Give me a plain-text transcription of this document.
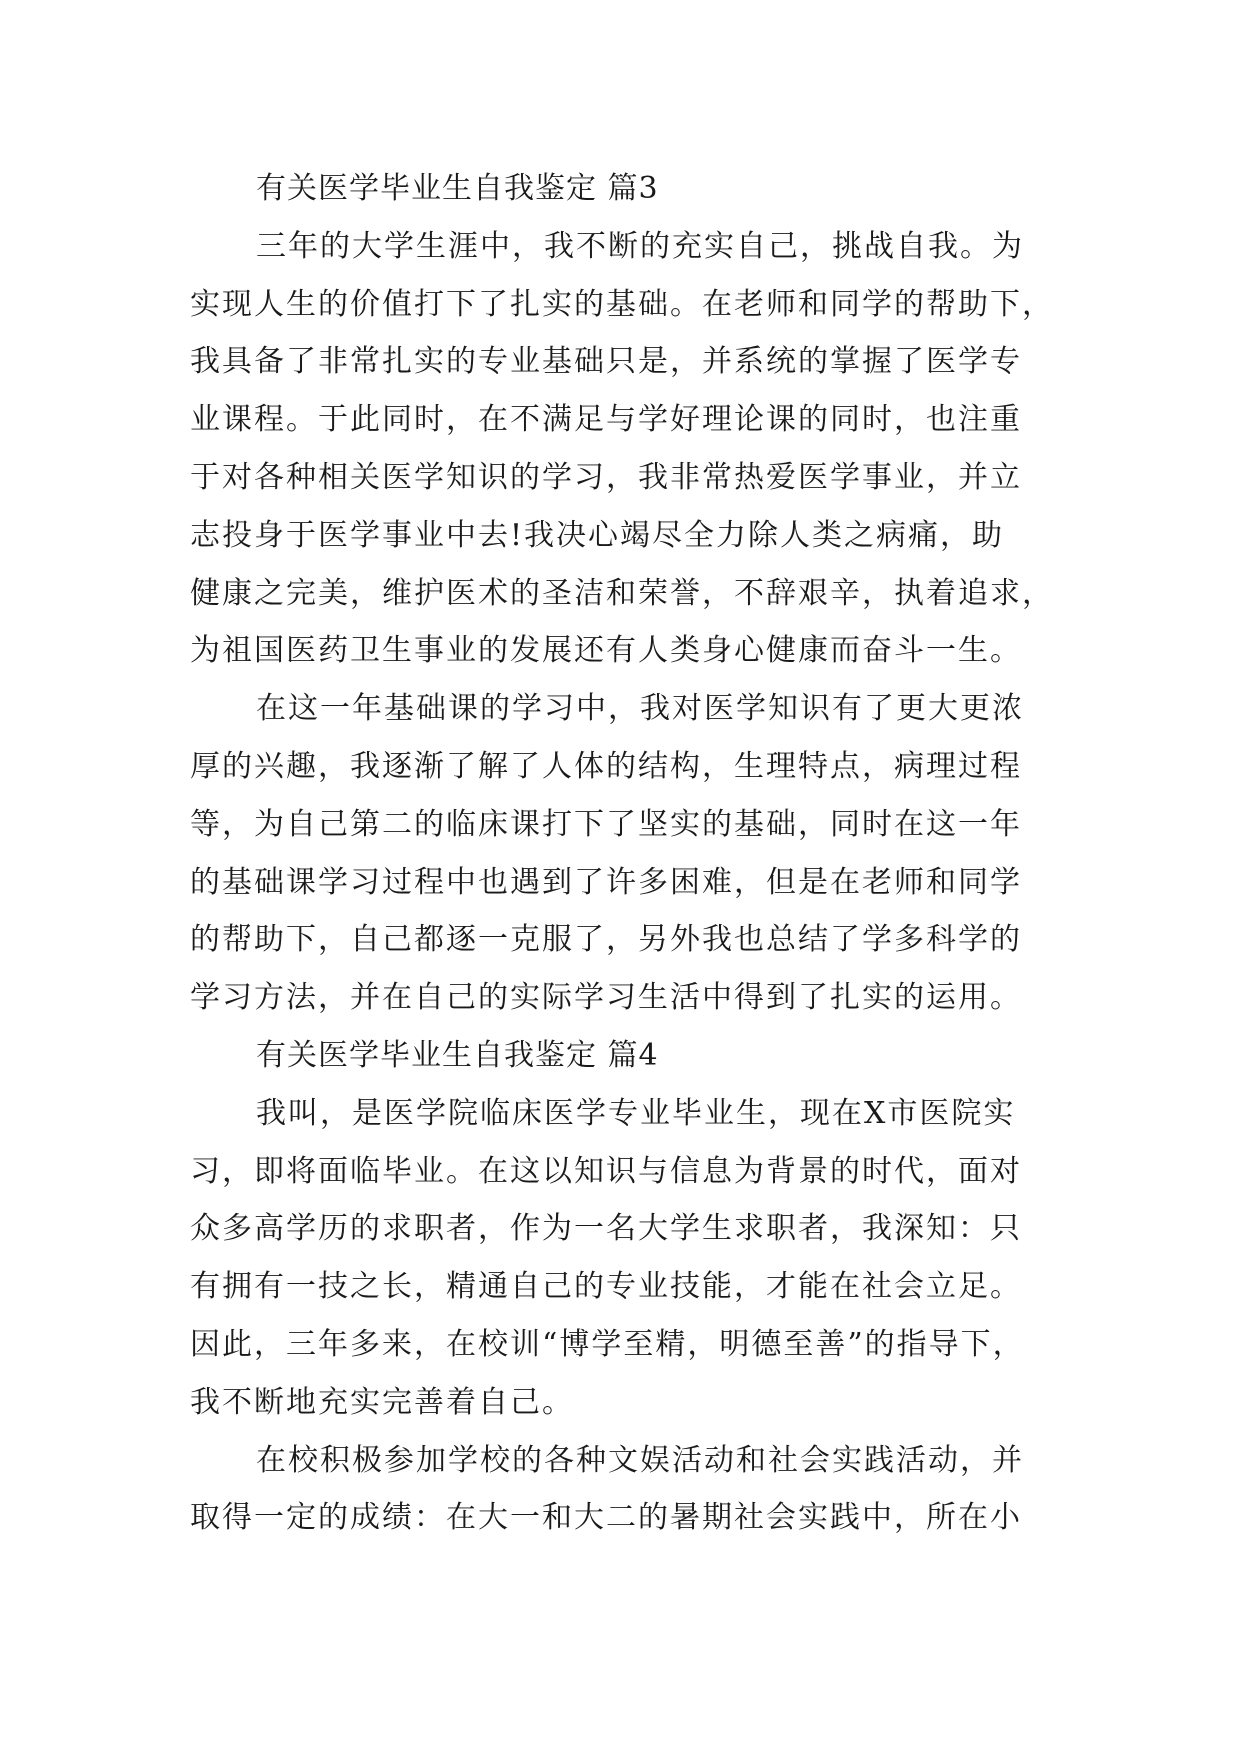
有关医学毕业生自我鉴定 篇3
三年的大学生涯中，我不断的充实自己，挑战自我。为
实现人生的价值打下了扎实的基础。在老师和同学的帮助下，
我具备了非常扎实的专业基础只是，并系统的掌握了医学专
业课程。于此同时，在不满足与学好理论课的同时，也注重
于对各种相关医学知识的学习，我非常热爱医学事业，并立
志投身于医学事业中去!我决心竭尽全力除人类之病痛，助
健康之完美，维护医术的圣洁和荣誉，不辞艰辛，执着追求，
为祖国医药卫生事业的发展还有人类身心健康而奋斗一生。
在这一年基础课的学习中，我对医学知识有了更大更浓
厚的兴趣，我逐渐了解了人体的结构，生理特点，病理过程
等，为自己第二的临床课打下了坚实的基础，同时在这一年
的基础课学习过程中也遇到了许多困难，但是在老师和同学
的帮助下，自己都逐一克服了，另外我也总结了学多科学的
学习方法，并在自己的实际学习生活中得到了扎实的运用。
有关医学毕业生自我鉴定 篇4
我叫，是医学院临床医学专业毕业生，现在X市医院实
习，即将面临毕业。在这以知识与信息为背景的时代，面对
众多高学历的求职者，作为一名大学生求职者，我深知：只
有拥有一技之长，精通自己的专业技能，才能在社会立足。
因此，三年多来，在校训“博学至精，明德至善”的指导下，
我不断地充实完善着自己。
在校积极参加学校的各种文娱活动和社会实践活动，并
取得一定的成绩：在大一和大二的暑期社会实践中，所在小
